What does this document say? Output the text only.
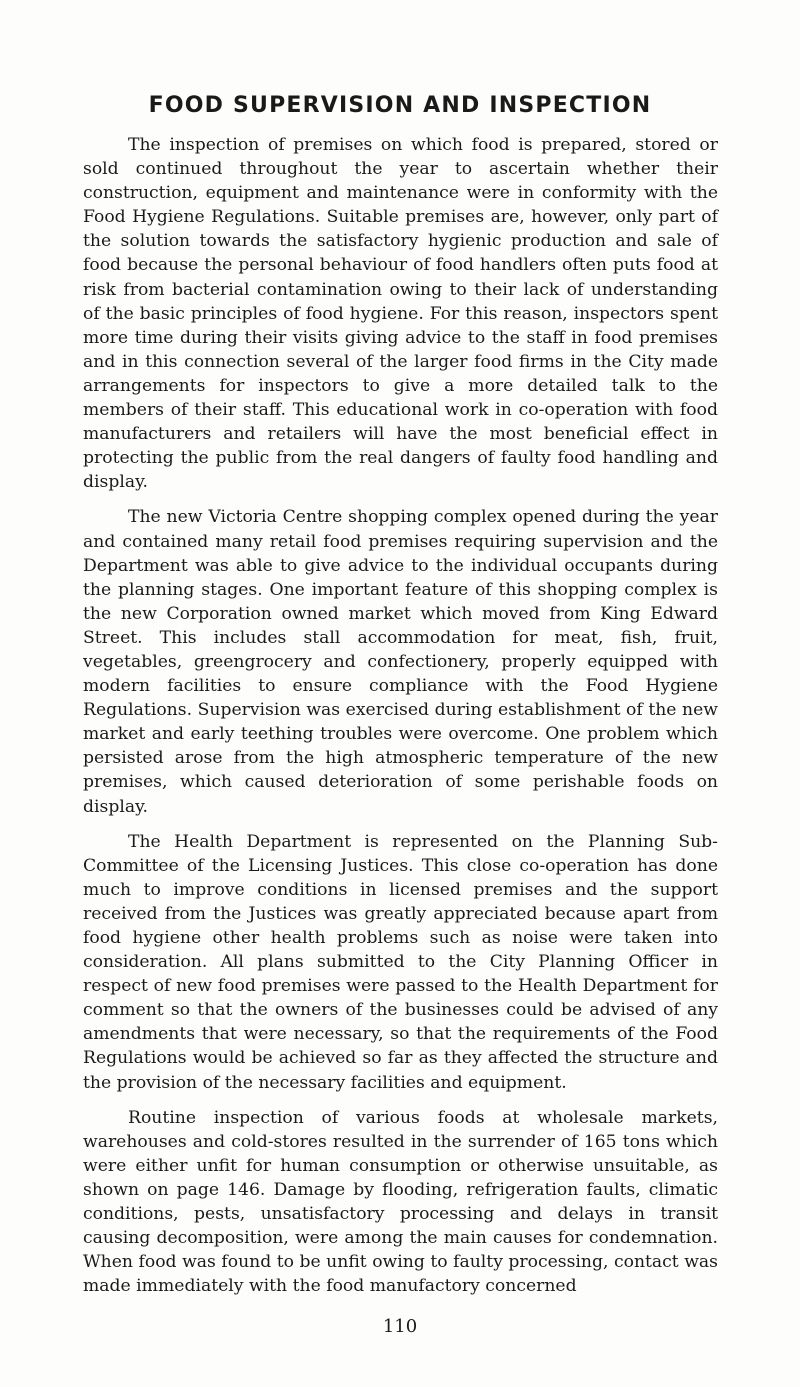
FOOD SUPERVISION AND INSPECTION

The inspection of premises on which food is prepared, stored or sold continued throughout the year to ascertain whether their construction, equipment and maintenance were in conformity with the Food Hygiene Regulations. Suitable premises are, however, only part of the solution towards the satisfactory hygienic production and sale of food because the personal behaviour of food handlers often puts food at risk from bacterial contamination owing to their lack of understanding of the basic principles of food hygiene. For this reason, inspectors spent more time during their visits giving advice to the staff in food premises and in this connection several of the larger food firms in the City made arrangements for inspectors to give a more detailed talk to the members of their staff. This educational work in co-operation with food manufacturers and retailers will have the most beneficial effect in protecting the public from the real dangers of faulty food handling and display.

The new Victoria Centre shopping complex opened during the year and contained many retail food premises requiring supervision and the Department was able to give advice to the individual occupants during the planning stages. One important feature of this shopping complex is the new Corporation owned market which moved from King Edward Street. This includes stall accommodation for meat, fish, fruit, vegetables, greengrocery and confectionery, properly equipped with modern facilities to ensure compliance with the Food Hygiene Regulations. Supervision was exercised during establishment of the new market and early teething troubles were overcome. One problem which persisted arose from the high atmospheric temperature of the new premises, which caused deterioration of some perishable foods on display.

The Health Department is represented on the Planning Sub-Committee of the Licensing Justices. This close co-operation has done much to improve conditions in licensed premises and the support received from the Justices was greatly appreciated because apart from food hygiene other health problems such as noise were taken into consideration. All plans submitted to the City Planning Officer in respect of new food premises were passed to the Health Department for comment so that the owners of the businesses could be advised of any amendments that were necessary, so that the requirements of the Food Regulations would be achieved so far as they affected the structure and the provision of the necessary facilities and equipment.

Routine inspection of various foods at wholesale markets, warehouses and cold-stores resulted in the surrender of 165 tons which were either unfit for human consumption or otherwise unsuitable, as shown on page 146. Damage by flooding, refrigeration faults, climatic conditions, pests, unsatisfactory processing and delays in transit causing decomposition, were among the main causes for condemnation. When food was found to be unfit owing to faulty processing, contact was made immediately with the food manufactory concerned

110
